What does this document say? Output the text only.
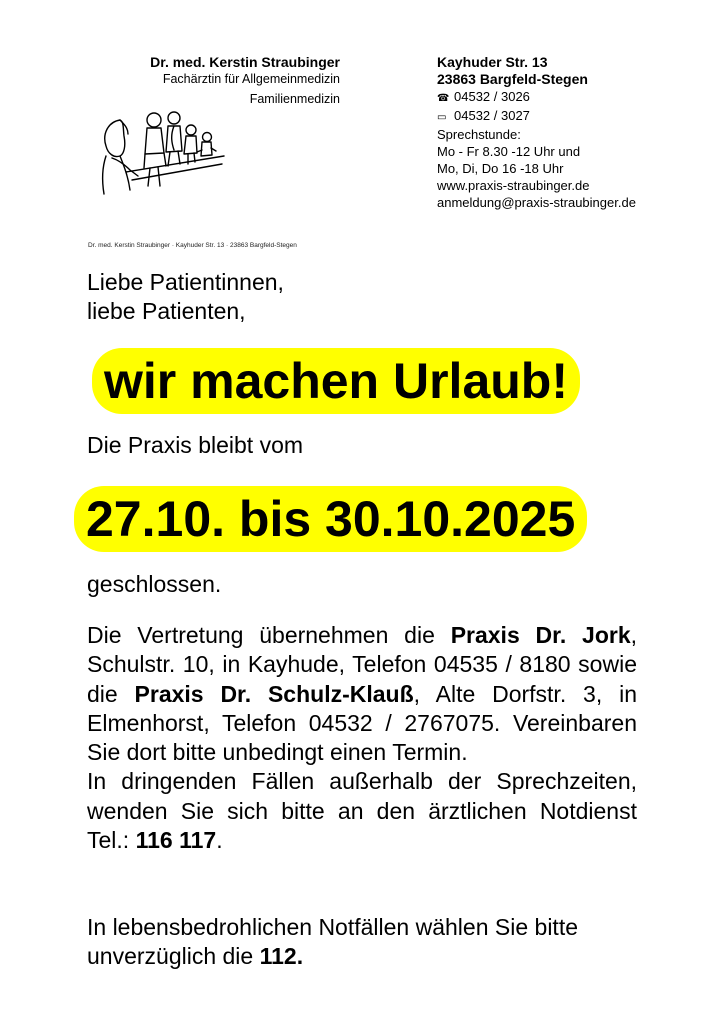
Dr. med. Kerstin Straubinger
Fachärztin für Allgemeinmedizin
Familienmedizin
Kayhuder Str. 13
23863 Bargfeld-Stegen
☎ 04532 / 3026
▭ 04532 / 3027
Sprechstunde:
Mo - Fr 8.30 -12 Uhr und
Mo, Di, Do 16 -18 Uhr
www.praxis-straubinger.de
anmeldung@praxis-straubinger.de
Dr. med. Kerstin Straubinger · Kayhuder Str. 13 · 23863 Bargfeld-Stegen
Liebe Patientinnen,
liebe Patienten,
wir machen Urlaub!
Die Praxis bleibt vom
27.10. bis 30.10.2025
geschlossen.

Die Vertretung übernehmen die Praxis Dr. Jork, Schulstr. 10, in Kayhude, Telefon 04535 / 8180 sowie die Praxis Dr. Schulz-Klauß, Alte Dorfstr. 3, in Elmenhorst, Telefon 04532 / 2767075. Vereinbaren Sie dort bitte unbedingt einen Termin.

In dringenden Fällen außerhalb der Sprechzeiten, wenden Sie sich bitte an den ärztlichen Notdienst Tel.: 116 117.

In lebensbedrohlichen Notfällen wählen Sie bitte unverzüglich die 112.
